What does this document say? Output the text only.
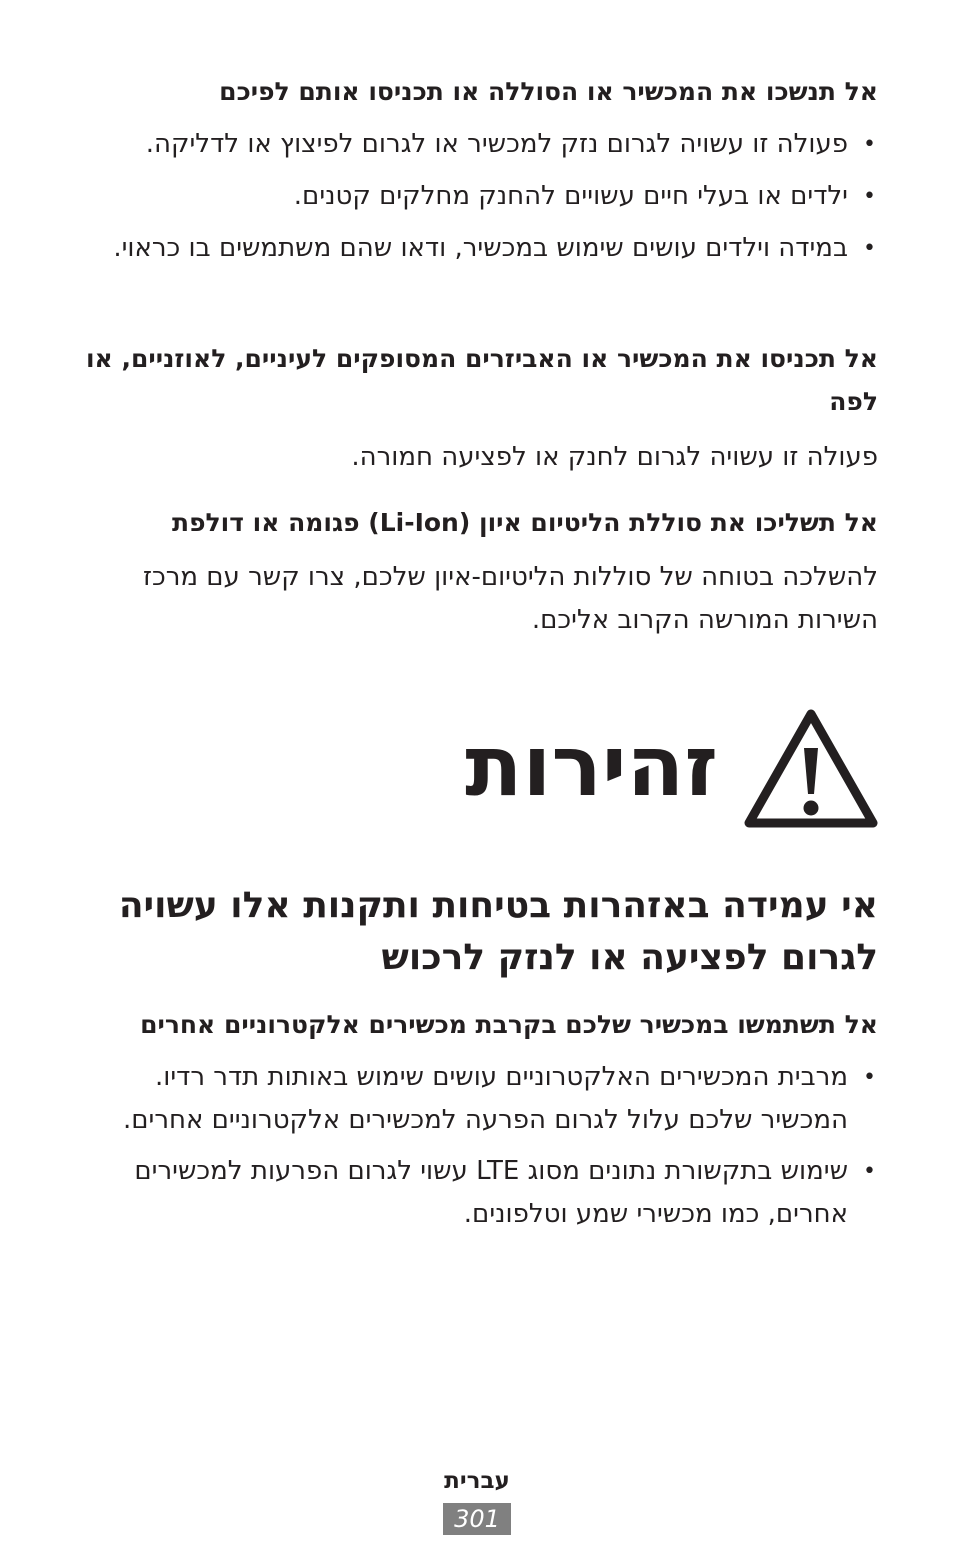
אל תנשכו את המכשיר או הסוללה או תכניסו אותם לפיכם

•
פעולה זו עשויה לגרום נזק למכשיר או לגרום לפיצוץ או לדליקה.
•
ילדים או בעלי חיים עשויים להחנק מחלקים קטנים.
•
במידה וילדים עושים שימוש במכשיר, ודאו שהם משתמשים בו כראוי.

אל תכניסו את המכשיר או האביזרים המסופקים לעיניים, לאוזניים, או לפה

פעולה זו עשויה לגרום לחנק או לפציעה חמורה.

אל תשליכו את סוללת הליטיום איון (Li-Ion) פגומה או דולפת

להשלכה בטוחה של סוללות הליטיום-איון שלכם, צרו קשר עם מרכז השירות המורשה הקרוב אליכם.

זהירות
אי עמידה באזהרות בטיחות ותקנות אלו עשויה לגרום לפציעה או לנזק לרכוש

אל תשתמשו במכשיר שלכם בקרבת מכשירים אלקטרוניים אחרים

•
מרבית המכשירים האלקטרוניים עושים שימוש באותות תדר רדיו. המכשיר שלכם עלול לגרום הפרעה למכשירים אלקטרוניים אחרים.
•
שימוש בתקשורת נתונים מסוג LTE עשוי לגרום הפרעות למכשירים אחרים, כמו מכשירי שמע וטלפונים.
עברית
301
